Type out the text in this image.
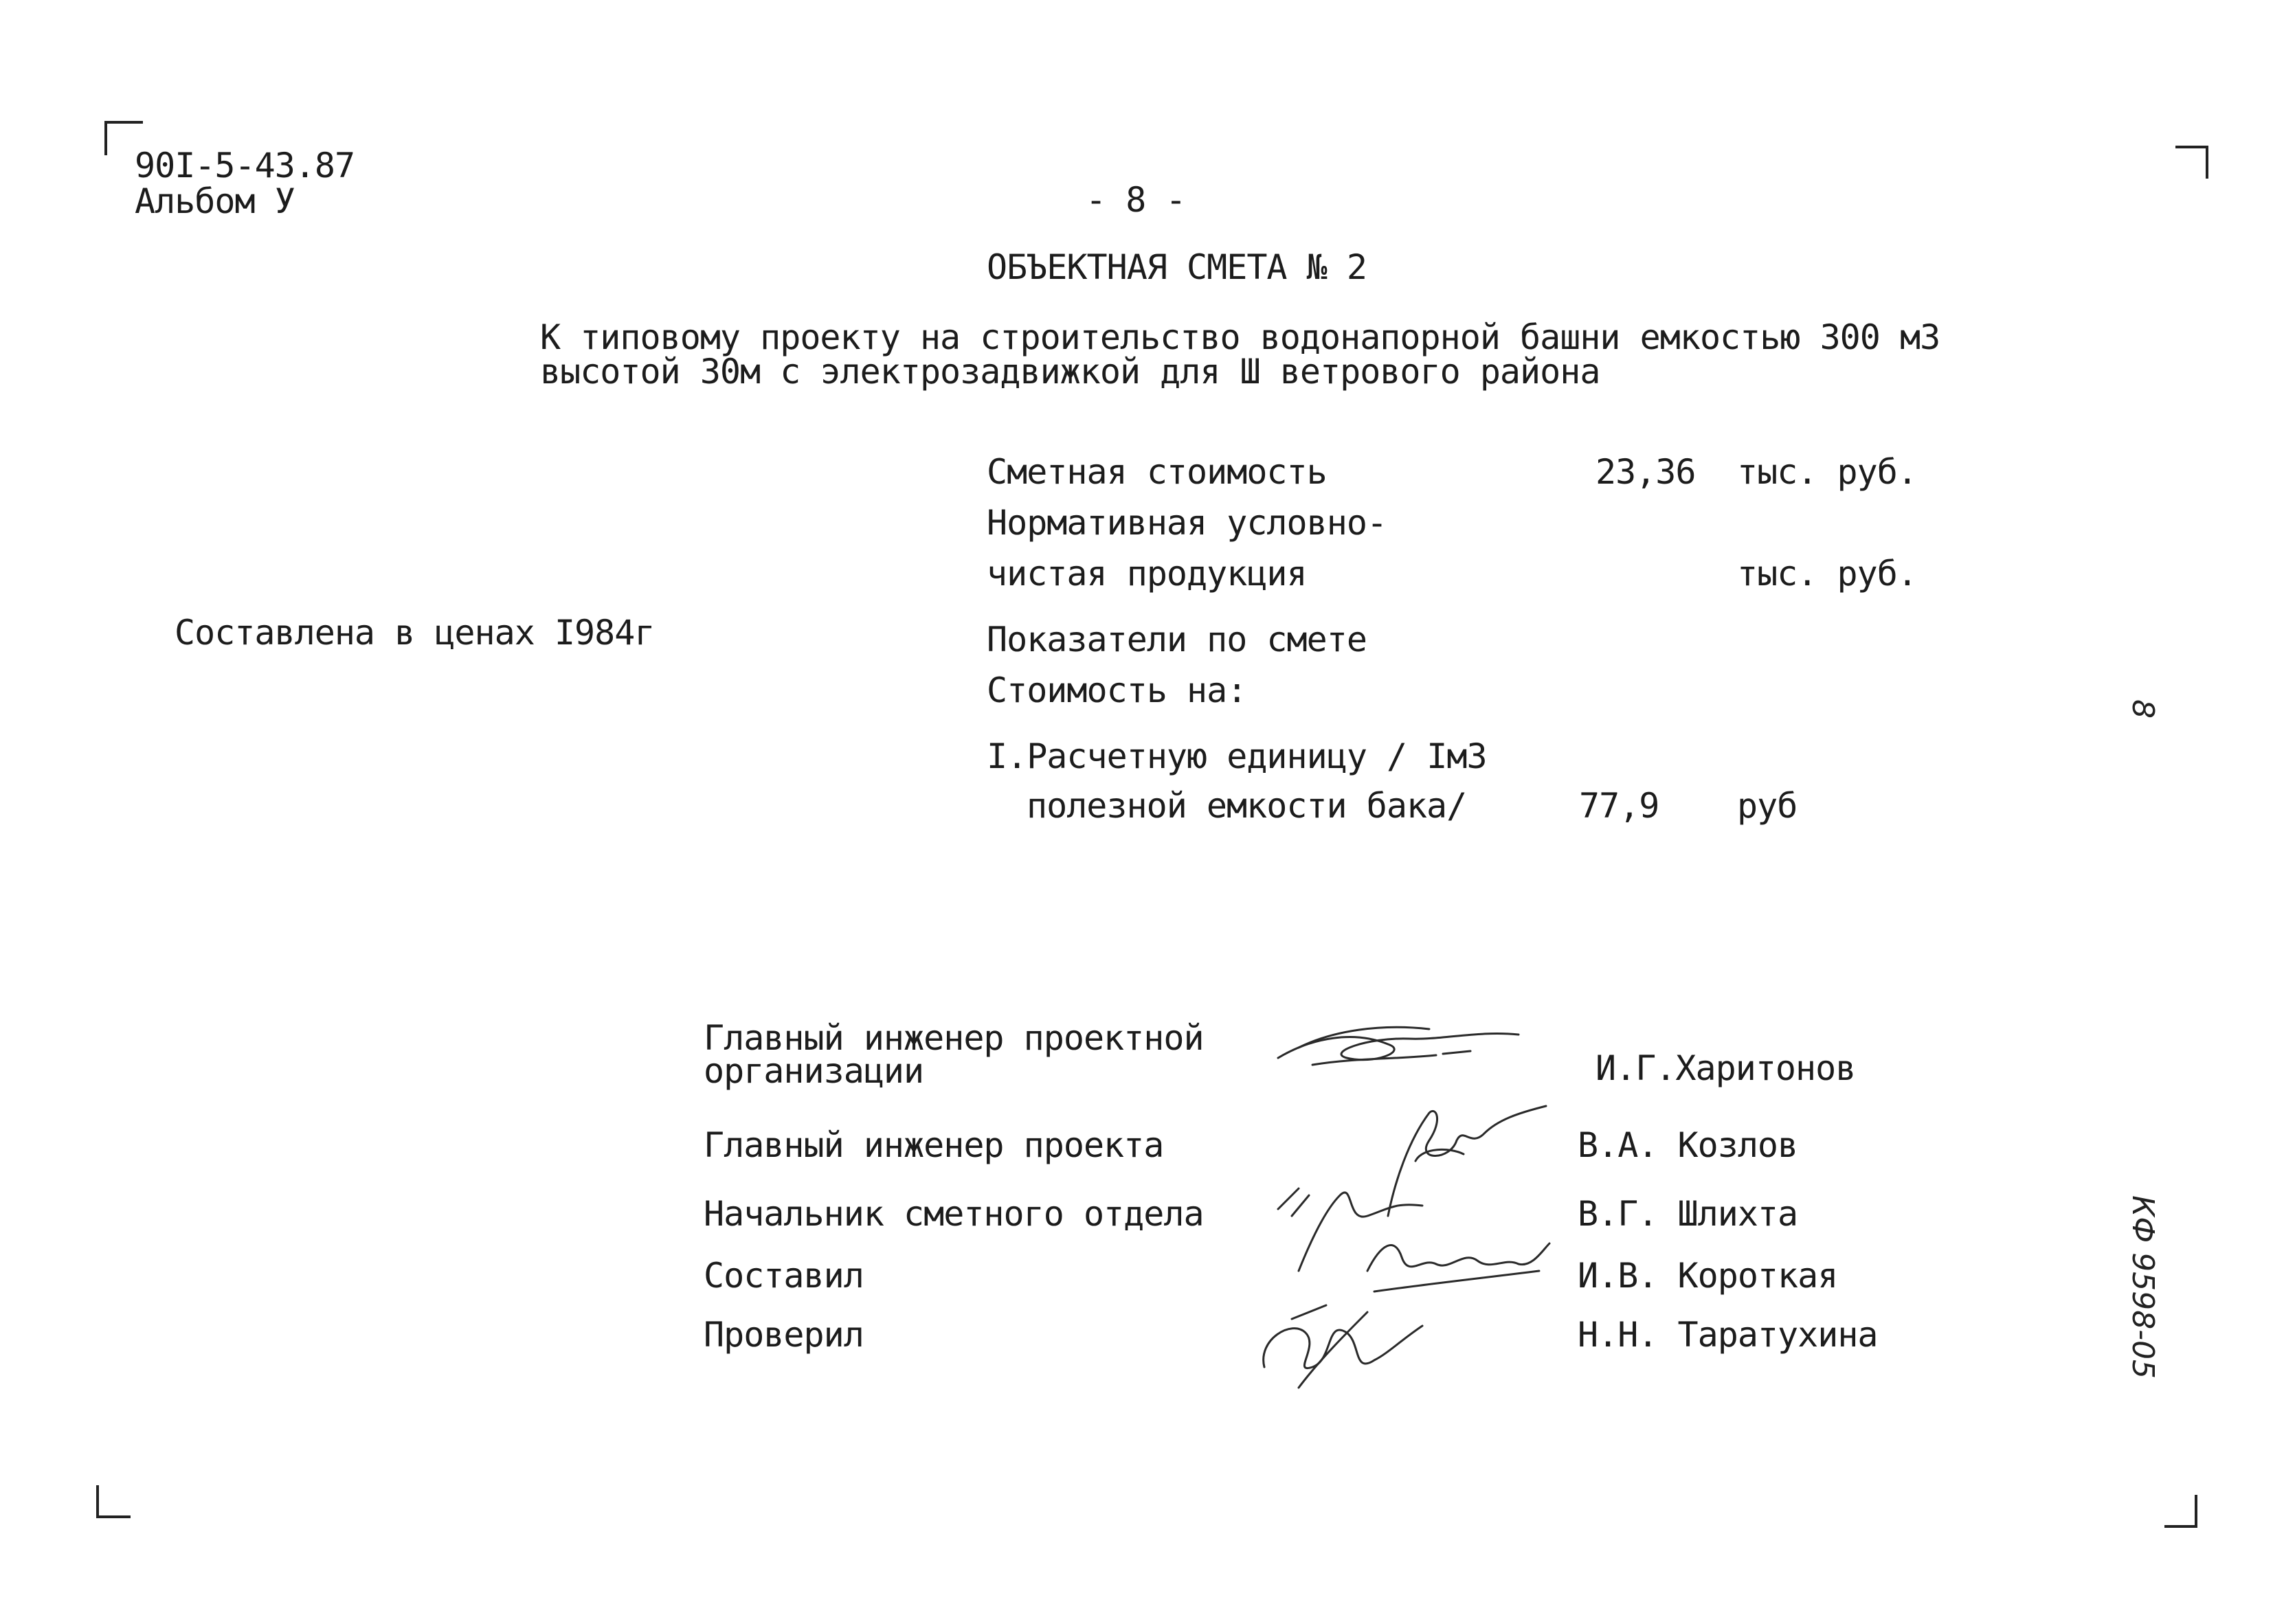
90I-5-43.87
Альбом У	- 8 -
ОБЪЕКТНАЯ СМЕТА № 2
К типовому проекту на строительство водонапорной башни емкостью 300 м3
высотой 30м с электрозадвижкой для Ш ветрового района
Сметная стоимость	23,36 тыс. руб.
Нормативная условно-
чистая продукция	тыс. руб.
Составлена в ценах I984г	Показатели по смете
Стоимость на:
I.Расчетную единицу / IмЗ
полезной емкости бака/	77,9 руб
Главный инженер проектной
организации	И.Г.Харитонов
Главный инженер проекта	В.А. Козлов
Начальник сметного отдела	В.Г. Шлихта
Составил	И.В. Короткая
Проверил	Н.Н. Таратухина
8
КФ 9598-05
